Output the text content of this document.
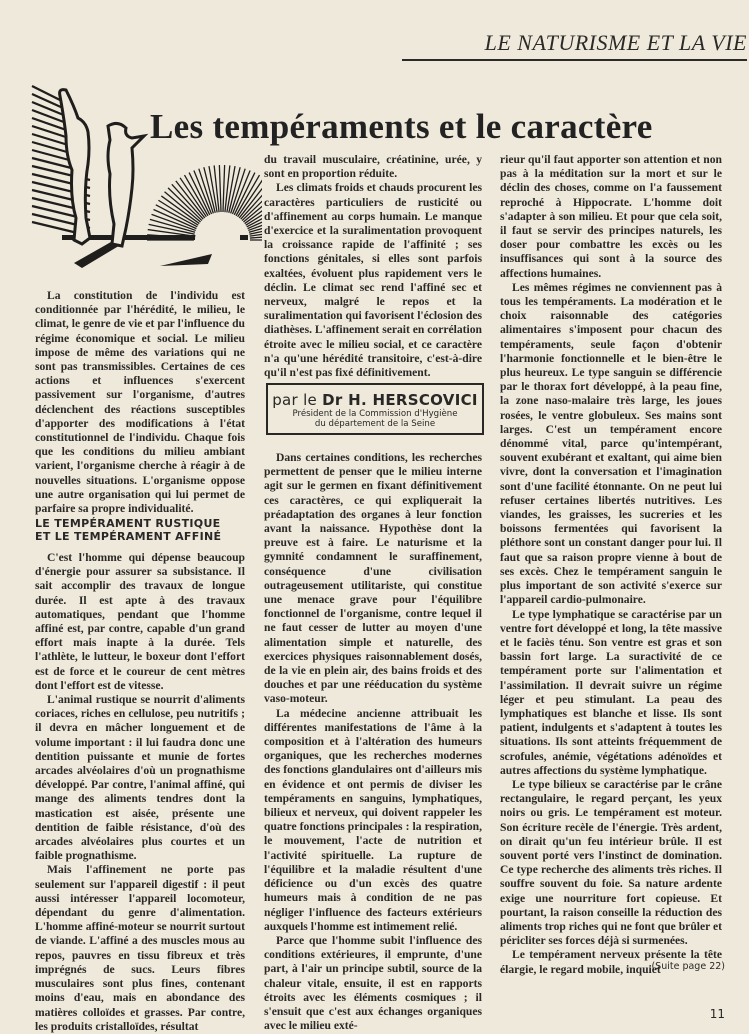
LE NATURISME ET LA VIE
Les tempéraments et le caractère

La constitution de l'individu est conditionnée par l'hérédité, le milieu, le climat, le genre de vie et par l'influence du régime économique et social. Le milieu impose de même des variations qui ne sont pas transmissibles. Certaines de ces actions et influences s'exercent passivement sur l'organisme, d'autres déclenchent des réactions susceptibles d'apporter des modifications à l'état constitutionnel de l'individu. Chaque fois que les conditions du milieu ambiant varient, l'organisme cherche à réagir à de nouvelles situations. L'organisme oppose une autre organisation qui lui permet de parfaire sa propre individualité.

LE TEMPÉRAMENT RUSTIQUE
ET LE TEMPÉRAMENT AFFINÉ

C'est l'homme qui dépense beaucoup d'énergie pour assurer sa subsistance. Il sait accomplir des travaux de longue durée. Il est apte à des travaux automatiques, pendant que l'homme affiné est, par contre, capable d'un grand effort mais inapte à la durée. Tels l'athlète, le lutteur, le boxeur dont l'effort est de force et le coureur de cent mètres dont l'effort est de vitesse.

L'animal rustique se nourrit d'aliments coriaces, riches en cellulose, peu nutritifs ; il devra en mâcher longuement et de volume important : il lui faudra donc une dentition puissante et munie de fortes arcades alvéolaires d'où un prognathisme développé. Par contre, l'animal affiné, qui mange des aliments tendres dont la mastication est aisée, présente une dentition de faible résistance, d'où des arcades alvéolaires plus courtes et un faible prognathisme.

Mais l'affinement ne porte pas seulement sur l'appareil digestif : il peut aussi intéresser l'appareil locomoteur, dépendant du genre d'alimentation. L'homme affiné-moteur se nourrit surtout de viande. L'affiné a des muscles mous au repos, pauvres en tissu fibreux et très imprégnés de sucs. Leurs fibres musculaires sont plus fines, contenant moins d'eau, mais en abondance des matières colloïdes et grasses. Par contre, les produits cristalloïdes, résultat

du travail musculaire, créatinine, urée, y sont en proportion réduite.

Les climats froids et chauds procurent les caractères particuliers de rusticité ou d'affinement au corps humain. Le manque d'exercice et la suralimentation provoquent la croissance rapide de l'affinité ; ses fonctions génitales, si elles sont parfois exaltées, évoluent plus rapidement vers le déclin. Le climat sec rend l'affiné sec et nerveux, malgré le repos et la suralimentation qui favorisent l'éclosion des diathèses. L'affinement serait en corrélation étroite avec le milieu social, et ce caractère n'a qu'une hérédité transitoire, c'est-à-dire qu'il n'est pas fixé définitivement.

par le Dr H. HERSCOVICI
Président de la Commission d'Hygiène
du département de la Seine

Dans certaines conditions, les recherches permettent de penser que le milieu interne agit sur le germen en fixant définitivement ces caractères, ce qui expliquerait la préadaptation des organes à leur fonction avant la naissance. Hypothèse dont la preuve est à faire. Le naturisme et la gymnité condamnent le suraffinement, conséquence d'une civilisation outrageusement utilitariste, qui constitue une menace grave pour l'équilibre fonctionnel de l'organisme, contre lequel il ne faut cesser de lutter au moyen d'une alimentation simple et naturelle, des exercices physiques raisonnablement dosés, de la vie en plein air, des bains froids et des douches et par une rééducation du système vaso-moteur.

La médecine ancienne attribuait les différentes manifestations de l'âme à la composition et à l'altération des humeurs organiques, que les recherches modernes des fonctions glandulaires ont d'ailleurs mis en évidence et ont permis de diviser les tempéraments en sanguins, lymphatiques, bilieux et nerveux, qui doivent rappeler les quatre fonctions principales : la respiration, le mouvement, l'acte de nutrition et l'activité spirituelle. La rupture de l'équilibre et la maladie résultent d'une déficience ou d'un excès des quatre humeurs mais à condition de ne pas négliger l'influence des facteurs extérieurs auxquels l'homme est intimement relié.

Parce que l'homme subit l'influence des conditions extérieures, il emprunte, d'une part, à l'air un principe subtil, source de la chaleur vitale, ensuite, il est en rapports étroits avec les éléments cosmiques ; il s'ensuit que c'est aux échanges organiques avec le milieu exté-

rieur qu'il faut apporter son attention et non pas à la méditation sur la mort et sur le déclin des choses, comme on l'a faussement reproché à Hippocrate. L'homme doit s'adapter à son milieu. Et pour que cela soit, il faut se servir des principes naturels, les doser pour combattre les excès ou les insuffisances qui sont à la source des affections humaines.

Les mêmes régimes ne conviennent pas à tous les tempéraments. La modération et le choix raisonnable des catégories alimentaires s'imposent pour chacun des tempéraments, seule façon d'obtenir l'harmonie fonctionnelle et le bien-être le plus heureux. Le type sanguin se différencie par le thorax fort développé, à la peau fine, la zone naso-malaire très large, les joues rosées, le ventre globuleux. Ses mains sont larges. C'est un tempérament encore dénommé vital, parce qu'intempérant, souvent exubérant et exaltant, qui aime bien vivre, dont la conversation et l'imagination sont d'une facilité étonnante. On ne peut lui refuser certaines libertés nutritives. Les viandes, les graisses, les sucreries et les boissons fermentées qui favorisent la pléthore sont un constant danger pour lui. Il faut que sa raison propre vienne à bout de ses excès. Chez le tempérament sanguin le plus important de son activité s'exerce sur l'appareil cardio-pulmonaire.

Le type lymphatique se caractérise par un ventre fort développé et long, la tête massive et le faciès ténu. Son ventre est gras et son bassin fort large. La suractivité de ce tempérament porte sur l'alimentation et l'assimilation. Il devrait suivre un régime léger et peu stimulant. La peau des lymphatiques est blanche et lisse. Ils sont patient, indulgents et s'adaptent à toutes les situations. Ils sont atteints fréquemment de scrofules, anémie, végétations adénoïdes et autres affections du système lymphatique.

Le type bilieux se caractérise par le crâne rectangulaire, le regard perçant, les yeux noirs ou gris. Le tempérament est moteur. Son écriture recèle de l'énergie. Très ardent, on dirait qu'un feu intérieur brûle. Il est souvent porté vers l'instinct de domination. Ce type recherche des aliments très riches. Il souffre souvent du foie. Sa nature ardente exige une nourriture fort copieuse. Et pourtant, la raison conseille la réduction des aliments trop riches qui ne font que brûler et péricliter ses forces déjà si surmenées.

Le tempérament nerveux présente la tête élargie, le regard mobile, inquiet

(Suite page 22)
11
